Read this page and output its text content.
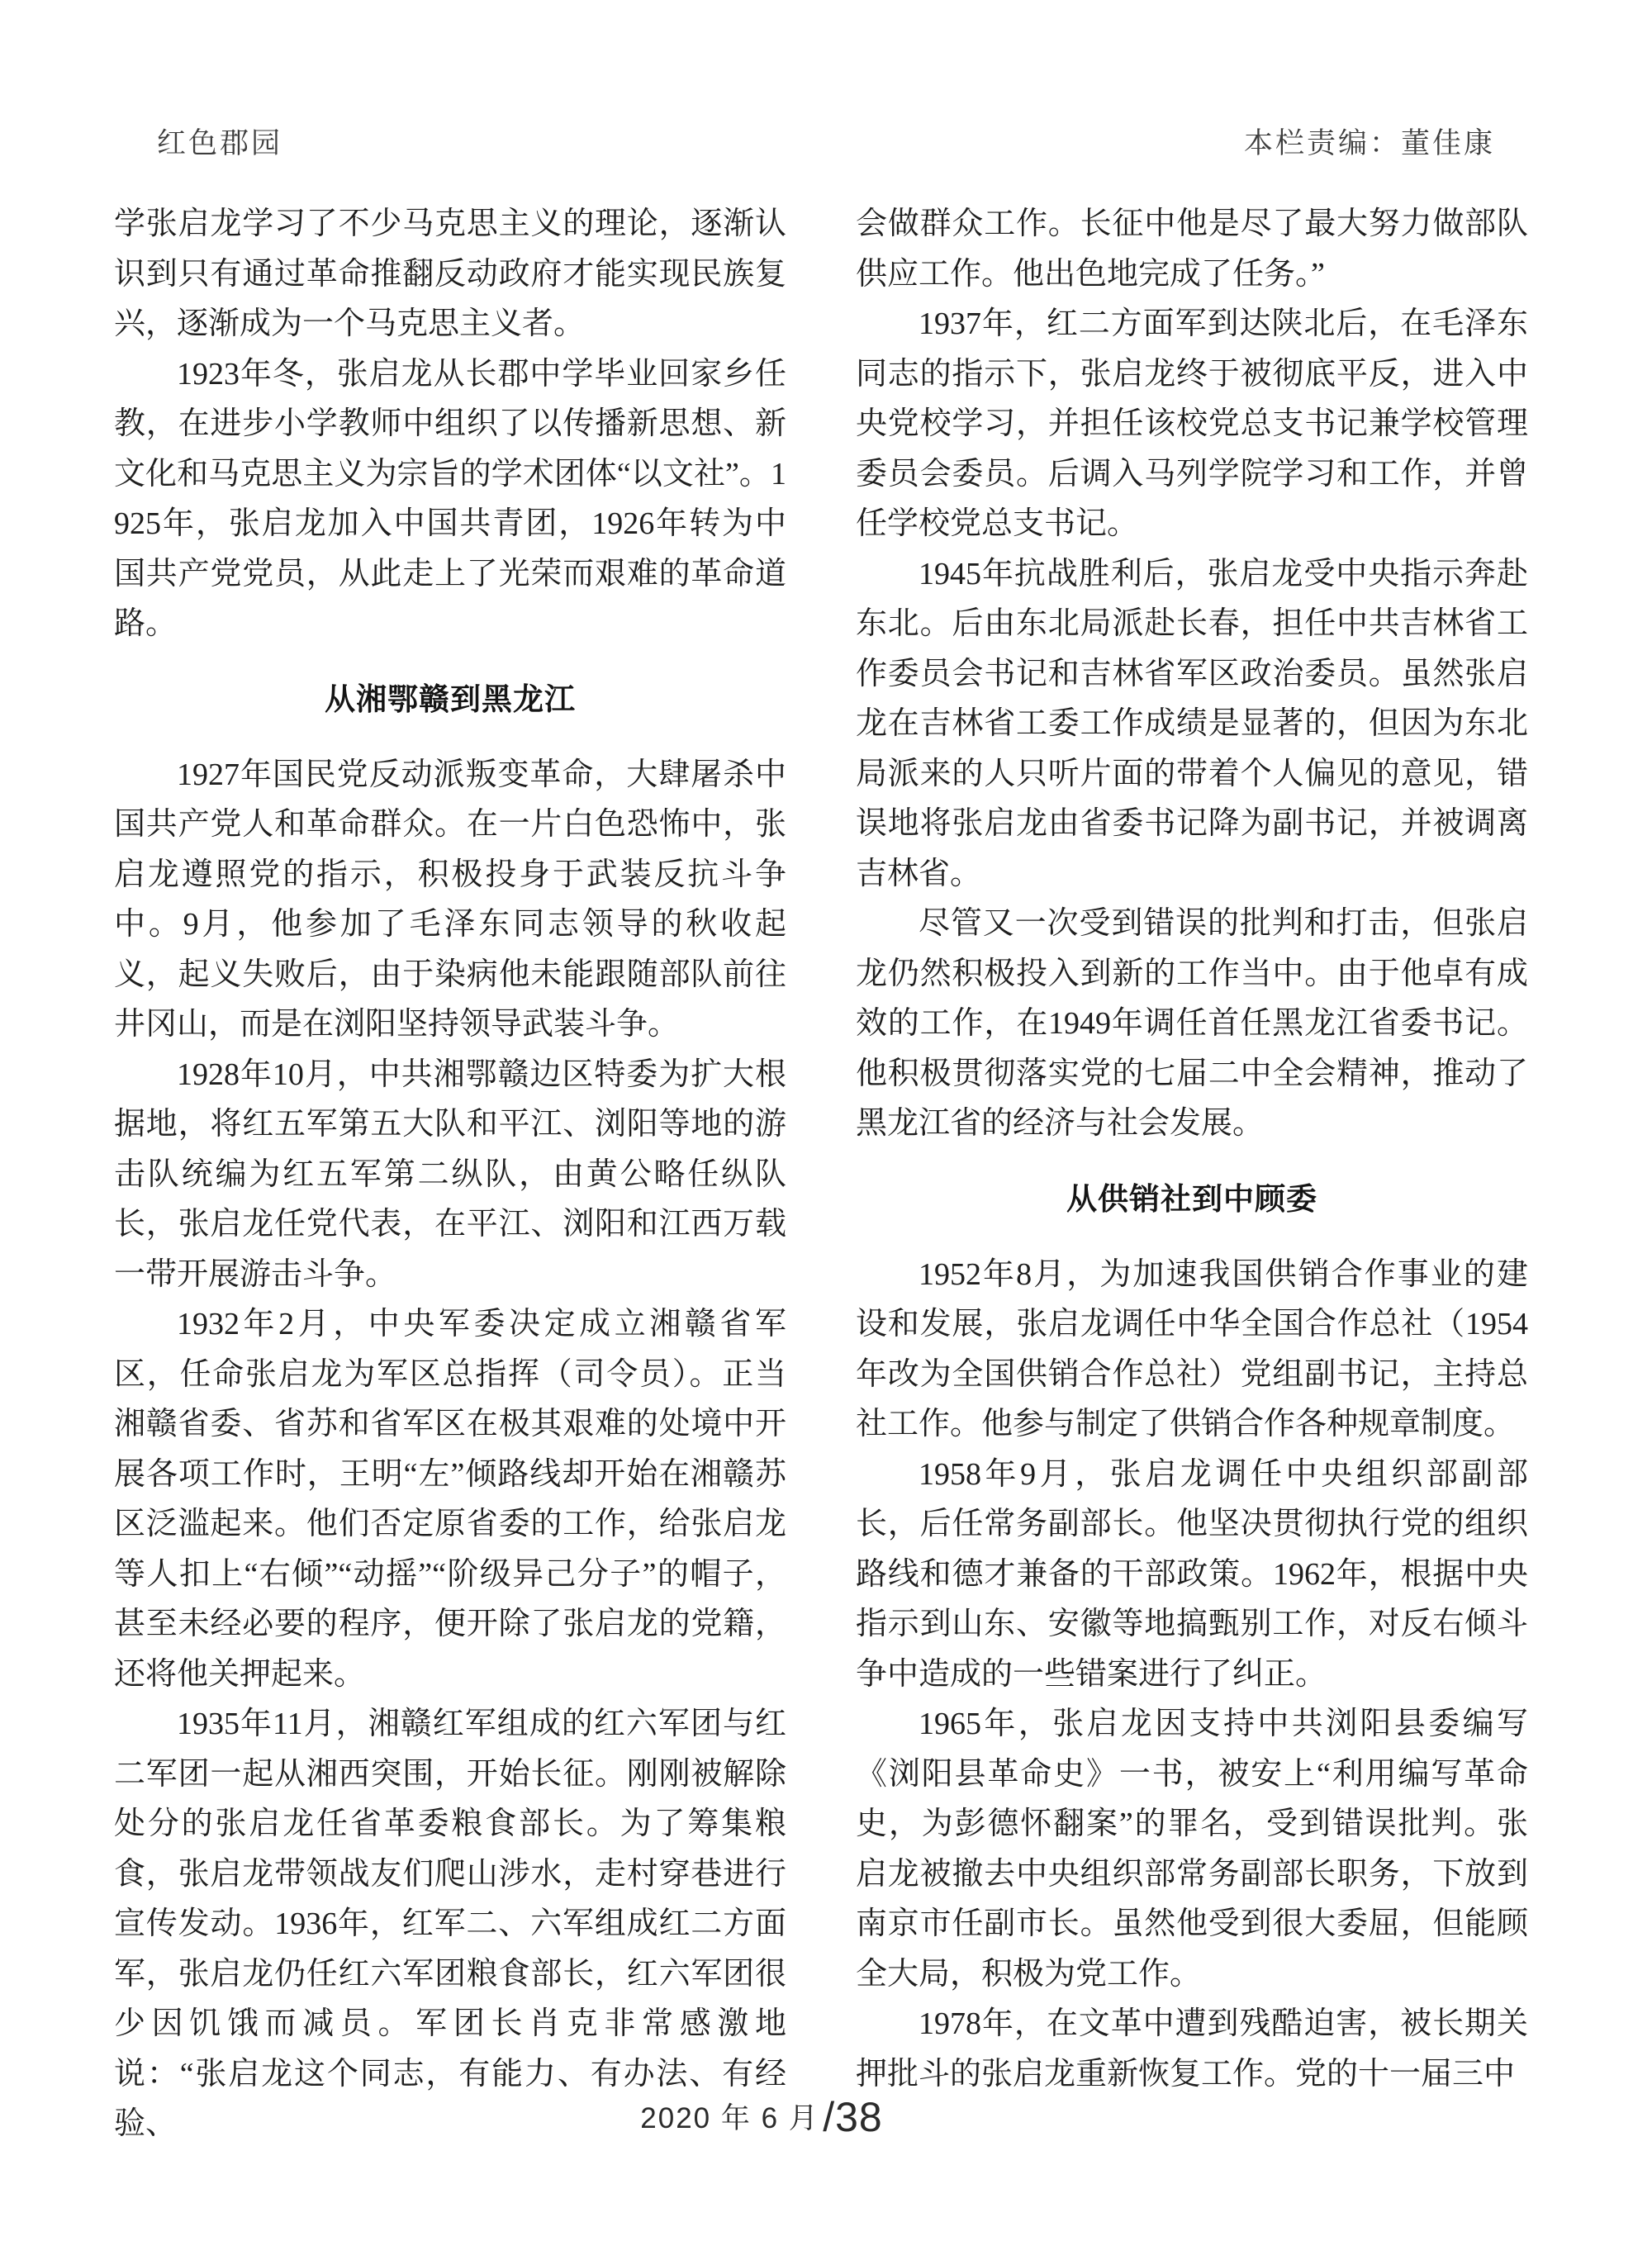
红色郡园	本栏责编：董佳康

学张启龙学习了不少马克思主义的理论，逐渐认识到只有通过革命推翻反动政府才能实现民族复兴，逐渐成为一个马克思主义者。

1923年冬，张启龙从长郡中学毕业回家乡任教，在进步小学教师中组织了以传播新思想、新文化和马克思主义为宗旨的学术团体“以文社”。1925年，张启龙加入中国共青团，1926年转为中国共产党党员，从此走上了光荣而艰难的革命道路。

从湘鄂赣到黑龙江

1927年国民党反动派叛变革命，大肆屠杀中国共产党人和革命群众。在一片白色恐怖中，张启龙遵照党的指示，积极投身于武装反抗斗争中。9月，他参加了毛泽东同志领导的秋收起义，起义失败后，由于染病他未能跟随部队前往井冈山，而是在浏阳坚持领导武装斗争。

1928年10月，中共湘鄂赣边区特委为扩大根据地，将红五军第五大队和平江、浏阳等地的游击队统编为红五军第二纵队，由黄公略任纵队长，张启龙任党代表，在平江、浏阳和江西万载一带开展游击斗争。

1932年2月，中央军委决定成立湘赣省军区，任命张启龙为军区总指挥（司令员）。正当湘赣省委、省苏和省军区在极其艰难的处境中开展各项工作时，王明“左”倾路线却开始在湘赣苏区泛滥起来。他们否定原省委的工作，给张启龙等人扣上“右倾”“动摇”“阶级异己分子”的帽子，甚至未经必要的程序，便开除了张启龙的党籍，还将他关押起来。

1935年11月，湘赣红军组成的红六军团与红二军团一起从湘西突围，开始长征。刚刚被解除处分的张启龙任省革委粮食部长。为了筹集粮食，张启龙带领战友们爬山涉水，走村穿巷进行宣传发动。1936年，红军二、六军组成红二方面军，张启龙仍任红六军团粮食部长，红六军团很少因饥饿而减员。军团长肖克非常感激地说：“张启龙这个同志，有能力、有办法、有经验、

会做群众工作。长征中他是尽了最大努力做部队供应工作。他出色地完成了任务。”

1937年，红二方面军到达陕北后，在毛泽东同志的指示下，张启龙终于被彻底平反，进入中央党校学习，并担任该校党总支书记兼学校管理委员会委员。后调入马列学院学习和工作，并曾任学校党总支书记。

1945年抗战胜利后，张启龙受中央指示奔赴东北。后由东北局派赴长春，担任中共吉林省工作委员会书记和吉林省军区政治委员。虽然张启龙在吉林省工委工作成绩是显著的，但因为东北局派来的人只听片面的带着个人偏见的意见，错误地将张启龙由省委书记降为副书记，并被调离吉林省。

尽管又一次受到错误的批判和打击，但张启龙仍然积极投入到新的工作当中。由于他卓有成效的工作，在1949年调任首任黑龙江省委书记。他积极贯彻落实党的七届二中全会精神，推动了黑龙江省的经济与社会发展。

从供销社到中顾委

1952年8月，为加速我国供销合作事业的建设和发展，张启龙调任中华全国合作总社（1954年改为全国供销合作总社）党组副书记，主持总社工作。他参与制定了供销合作各种规章制度。

1958年9月，张启龙调任中央组织部副部长，后任常务副部长。他坚决贯彻执行党的组织路线和德才兼备的干部政策。1962年，根据中央指示到山东、安徽等地搞甄别工作，对反右倾斗争中造成的一些错案进行了纠正。

1965年，张启龙因支持中共浏阳县委编写《浏阳县革命史》一书，被安上“利用编写革命史，为彭德怀翻案”的罪名，受到错误批判。张启龙被撤去中央组织部常务副部长职务，下放到南京市任副市长。虽然他受到很大委屈，但能顾全大局，积极为党工作。

1978年，在文革中遭到残酷迫害，被长期关押批斗的张启龙重新恢复工作。党的十一届三中

2020 年 6 月 /38
